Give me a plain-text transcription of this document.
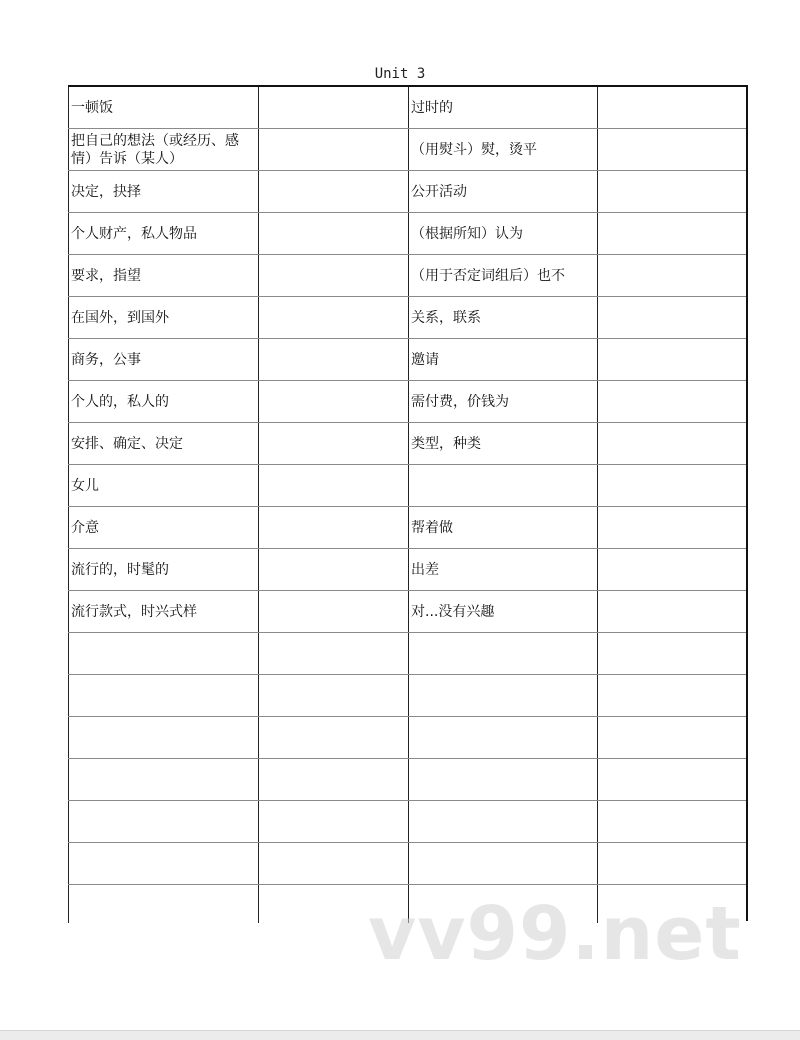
Unit 3
一顿饭		过时的	
把自己的想法（或经历、感情）告诉（某人）		（用熨斗）熨，烫平	
决定，抉择		公开活动	
个人财产，私人物品		（根据所知）认为	
要求，指望		（用于否定词组后）也不	
在国外，到国外		关系，联系	
商务，公事		邀请	
个人的，私人的		需付费，价钱为	
安排、确定、决定		类型，种类	
女儿			
介意		帮着做	
流行的，时髦的		出差	
流行款式，时兴式样		对...没有兴趣	

vv99.net
